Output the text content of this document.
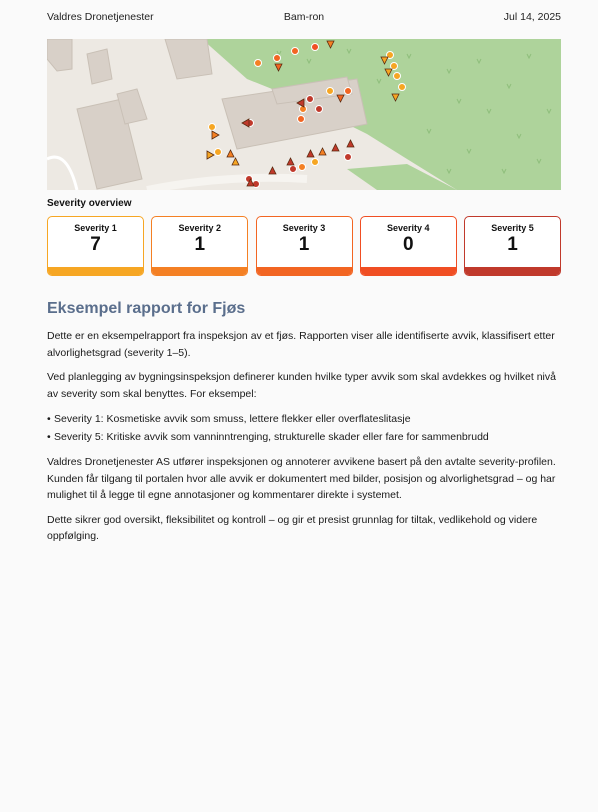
Valdres Dronetjenester	Bam-ron	Jul 14, 2025
Severity overview
Severity 1
7
Severity 2
1
Severity 3
1
Severity 4
0
Severity 5
1
Eksempel rapport for Fjøs

Dette er en eksempelrapport fra inspeksjon av et fjøs. Rapporten viser alle identifiserte avvik, klassifisert etter alvorlighetsgrad (severity 1–5).

Ved planlegging av bygningsinspeksjon definerer kunden hvilke typer avvik som skal avdekkes og hvilket nivå av severity som skal benyttes. For eksempel:

• Severity 1: Kosmetiske avvik som smuss, lettere flekker eller overflateslitasje
• Severity 5: Kritiske avvik som vanninntrenging, strukturelle skader eller fare for sammenbrudd

Valdres Dronetjenester AS utfører inspeksjonen og annoterer avvikene basert på den avtalte severity-profilen. Kunden får tilgang til portalen hvor alle avvik er dokumentert med bilder, posisjon og alvorlighetsgrad – og har mulighet til å legge til egne annotasjoner og kommentarer direkte i systemet.

Dette sikrer god oversikt, fleksibilitet og kontroll – og gir et presist grunnlag for tiltak, vedlikehold og videre oppfølging.
